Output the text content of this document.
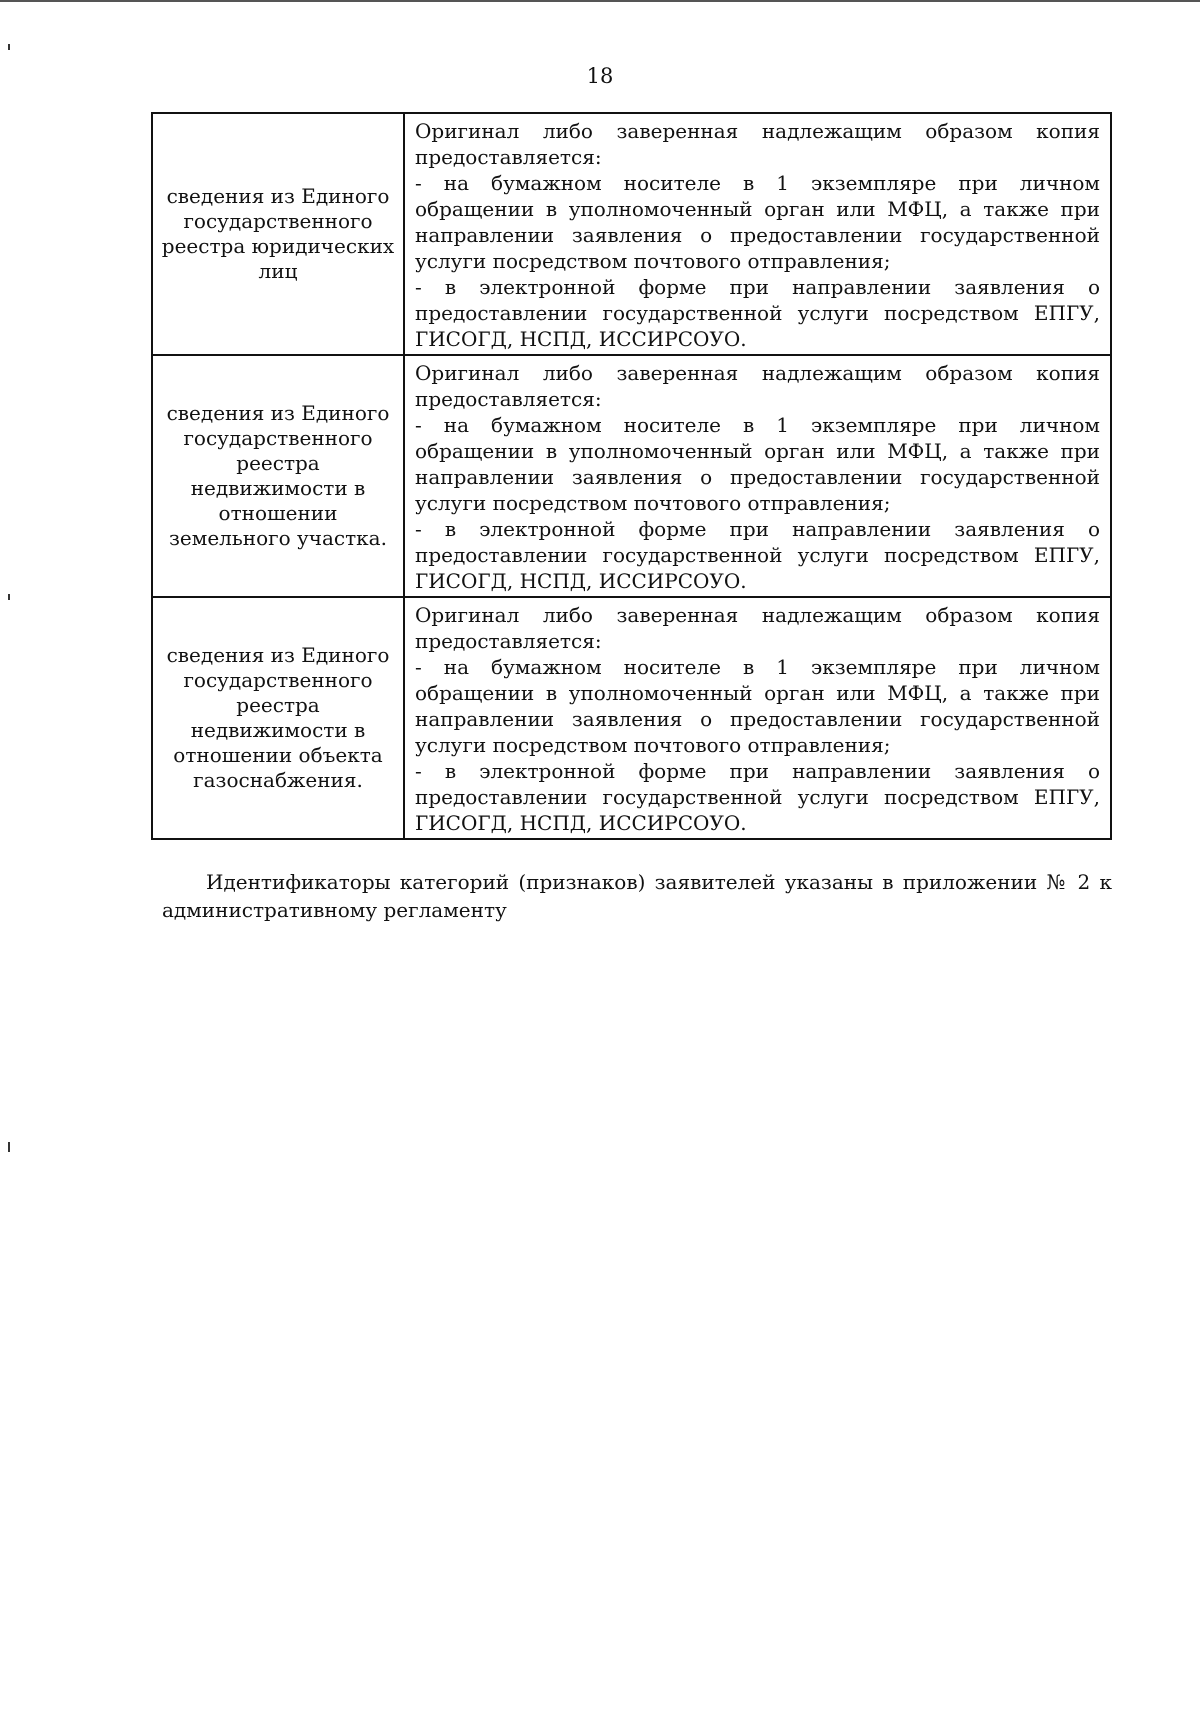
18
сведения из Единого государственного реестра юридических лиц	Оригинал либо заверенная надлежащим образом копия предоставляется:

- на бумажном носителе в 1 экземпляре при личном обращении в уполномоченный орган или МФЦ, а также при направлении заявления о предоставлении государственной услуги посредством почтового отправления;

- в электронной форме при направлении заявления о предоставлении государственной услуги посредством ЕПГУ, ГИСОГД, НСПД, ИССИРСОУО.

сведения из Единого государственного реестра недвижимости в отношении земельного участка.	Оригинал либо заверенная надлежащим образом копия предоставляется:

- на бумажном носителе в 1 экземпляре при личном обращении в уполномоченный орган или МФЦ, а также при направлении заявления о предоставлении государственной услуги посредством почтового отправления;

- в электронной форме при направлении заявления о предоставлении государственной услуги посредством ЕПГУ, ГИСОГД, НСПД, ИССИРСОУО.

сведения из Единого государственного реестра недвижимости в отношении объекта газоснабжения.	Оригинал либо заверенная надлежащим образом копия предоставляется:

- на бумажном носителе в 1 экземпляре при личном обращении в уполномоченный орган или МФЦ, а также при направлении заявления о предоставлении государственной услуги посредством почтового отправления;

- в электронной форме при направлении заявления о предоставлении государственной услуги посредством ЕПГУ, ГИСОГД, НСПД, ИССИРСОУО.

Идентификаторы категорий (признаков) заявителей указаны в приложении № 2 к административному регламенту
